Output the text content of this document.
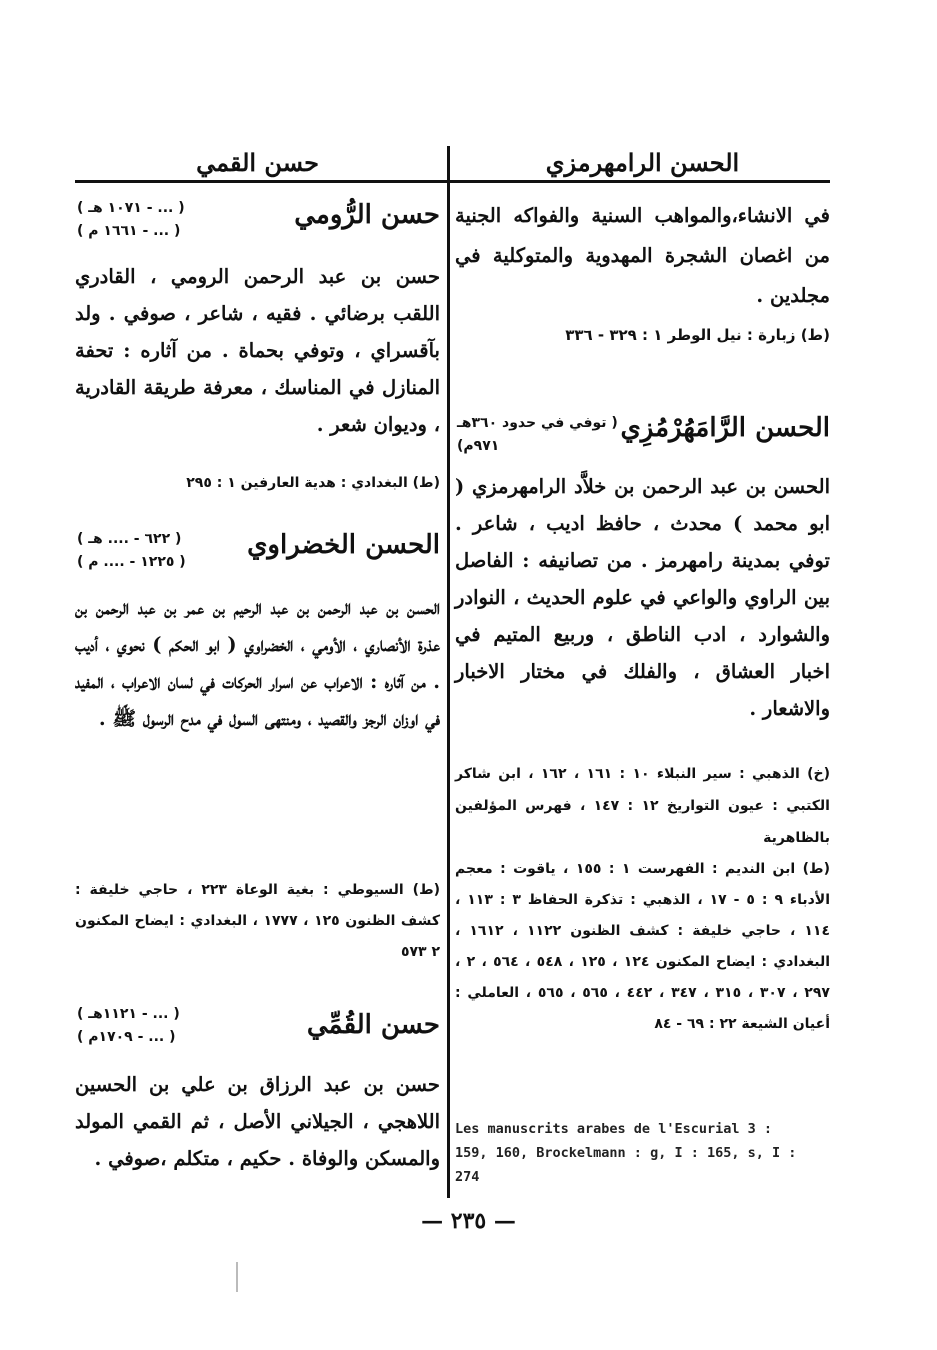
الحسن الرامهرمزي
في الانشاء،والمواهب السنية والفواكه الجنية من اغصان الشجرة المهدوية والمتوكلية في مجلدين .
(ط) زبارة : نيل الوطر ١ : ٣٢٩ - ٣٣٦
الحسن الرَّامَهُرْمُزِي
( توفي في حدود ٣٦٠هـ
٩٧١م)
الحسن بن عبد الرحمن بن خلاَّد الرامهرمزي ( ابو محمد ) محدث ، حافظ اديب ، شاعر . توفي بمدينة رامهرمز . من تصانيفه : الفاصل بين الراوي والواعي في علوم الحديث ، النوادر والشوارد ، ادب الناطق ، وربيع المتيم في اخبار العشاق ، والفلك في مختار الاخبار والاشعار .
(خ) الذهبي : سير النبلاء ١٠ : ١٦١ ، ١٦٢ ، ابن شاكر الكتبي : عيون التواريخ ١٢ : ١٤٧ ، فهرس المؤلفين بالظاهرية
(ط) ابن النديم : الفهرست ١ : ١٥٥ ، ياقوت : معجم الأدباء ٩ : ٥ - ١٧ ، الذهبي : تذكرة الحفاظ ٣ : ١١٣ ، ١١٤ ، حاجي خليفة : كشف الظنون ١١٢٢ ، ١٦١٢ ، البغدادي : ايضاح المكنون ١٢٤ ، ١٢٥ ، ٥٤٨ ، ٥٦٤ ، ٢ ، ٢٩٧ ، ٣٠٧ ، ٣١٥ ، ٣٤٧ ، ٤٤٢ ، ٥٦٥ ، ٥٦٥ ، العاملي : أعيان الشيعة ٢٢ : ٦٩ - ٨٤
Les manuscrits arabes de l'Escurial 3 : 159, 160, Brockelmann : g, I : 165, s, I : 274
حسن القمي
حسن الرُّومي
( ... - ١٠٧١ هـ )
( ... - ١٦٦١ م )
حسن بن عبد الرحمن الرومي ، القادري اللقب برضائي . فقيه ، شاعر ، صوفي . ولد بآقسراي ، وتوفي بحماة . من آثاره : تحفة المنازل في المناسك ، معرفة طريقة القادرية ، وديوان شعر .
(ط) البغدادي : هدية العارفين ١ : ٢٩٥
الحسن الخضراوي
( ٦٢٢ - .... هـ )
( ١٢٢٥ - .... م )
الحسن بن عبد الرحمن بن عبد الرحيم بن عمر بن عبد الرحمن بن عذرة الأنصاري ، الأومي ، الخضراوي ( ابو الحكم ) نحوي ، أديب . من آثاره : الاعراب عن اسرار الحركات في لسان الاعراب ، المفيد في اوزان الرجز والقصيد ، ومنتهى السول في مدح الرسول ﷺ .
(ط) السيوطي : بغية الوعاة ٢٢٣ ، حاجي خليفة : كشف الظنون ١٢٥ ، ١٧٧٧ ، البغدادي : ايضاح المكنون ٢ ٥٧٣
حسن القُمِّي
( ... - ١١٢١هـ )
( ... - ١٧٠٩م )
حسن بن عبد الرزاق بن علي بن الحسين اللاهجي ، الجيلاني الأصل ، ثم القمي المولد والمسكن والوفاة . حكيم ، متكلم ،صوفي .
— ٢٣٥ —
